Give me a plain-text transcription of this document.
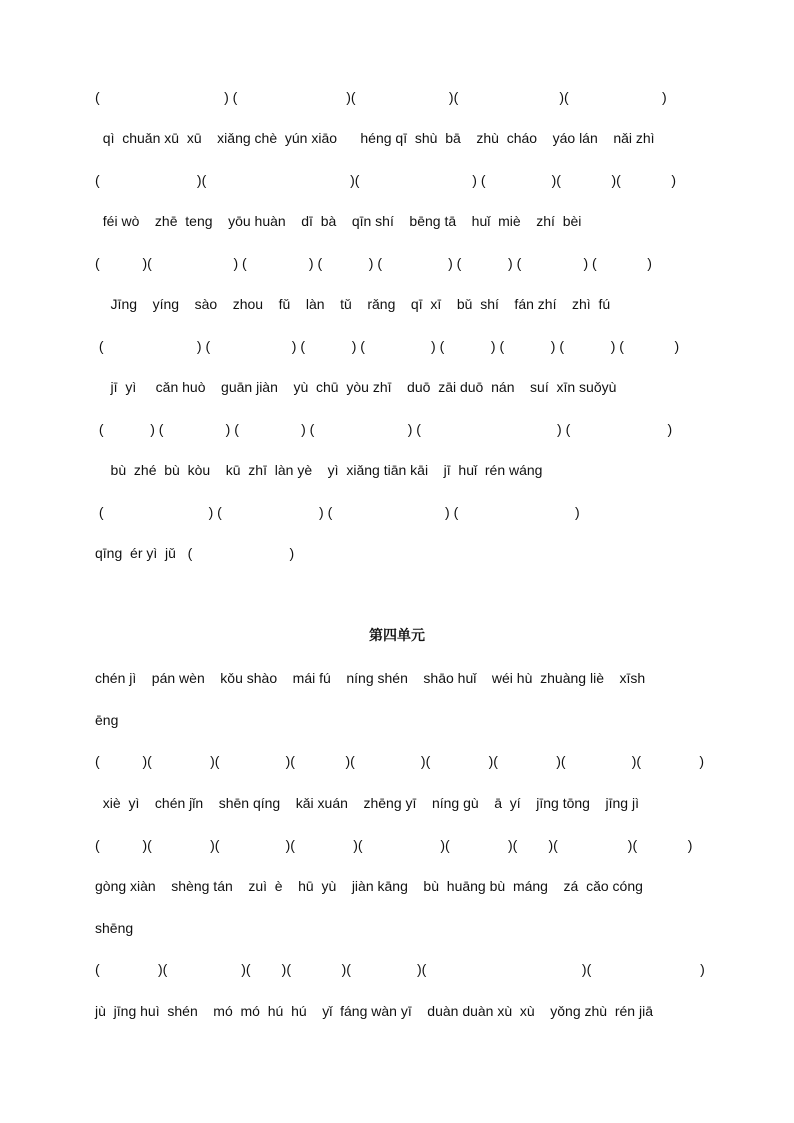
(                                ) (                            )(                        )(                          )(                        )
qì  chuǎn xū  xū    xiǎng chè  yún xiāo      héng qī  shù  bā    zhù  cháo    yáo lán    nǎi zhì
(                         )(                                     )(                             ) (                 )(             )(             )
féi wò    zhē  teng    yōu huàn    dī  bà    qīn shí    bēng tā    huǐ  miè    zhí  bèi
(           )(                     ) (                ) (            ) (                 ) (            ) (                ) (             )
Jīng    yíng    sào    zhou    fǔ    làn    tǔ    rǎng    qī  xī    bǔ  shí    fán zhí    zhì  fú
(                        ) (                     ) (            ) (                 ) (            ) (            ) (            ) (             )
jī  yì     cǎn huò    guān jiàn    yù  chū  yòu zhī    duō  zāi duō  nán    suí  xīn suǒyù
(            ) (                ) (                ) (                        ) (                                   ) (                         )
bù  zhé  bù  kòu    kū  zhī  làn yè    yì  xiǎng tiān kāi    jī  huǐ  rén wáng
(                           ) (                         ) (                             ) (                              )
qīng  ér yì  jǔ   (                         )
第四单元
chén jì    pán wèn    kǒu shào    mái fú    níng shén    shāo huǐ    wéi hù  zhuàng liè    xīsh
ēng
(           )(               )(                 )(             )(                 )(               )(               )(                 )(               )
xiè  yì    chén jǐn    shēn qíng    kǎi xuán    zhēng yī    níng gù    ā  yí    jīng tōng    jīng jì
(           )(               )(                 )(               )(                    )(               )(        )(                  )(             )
gòng xiàn    shèng tán    zuì  è    hū  yù    jiàn kāng    bù  huāng bù  máng    zá  cǎo cóng
shēng
(               )(                   )(        )(             )(                 )(                                        )(                            )
jù  jīng huì  shén    mó  mó  hú  hú    yǐ  fáng wàn yī    duàn duàn xù  xù    yǒng zhù  rén jiā
